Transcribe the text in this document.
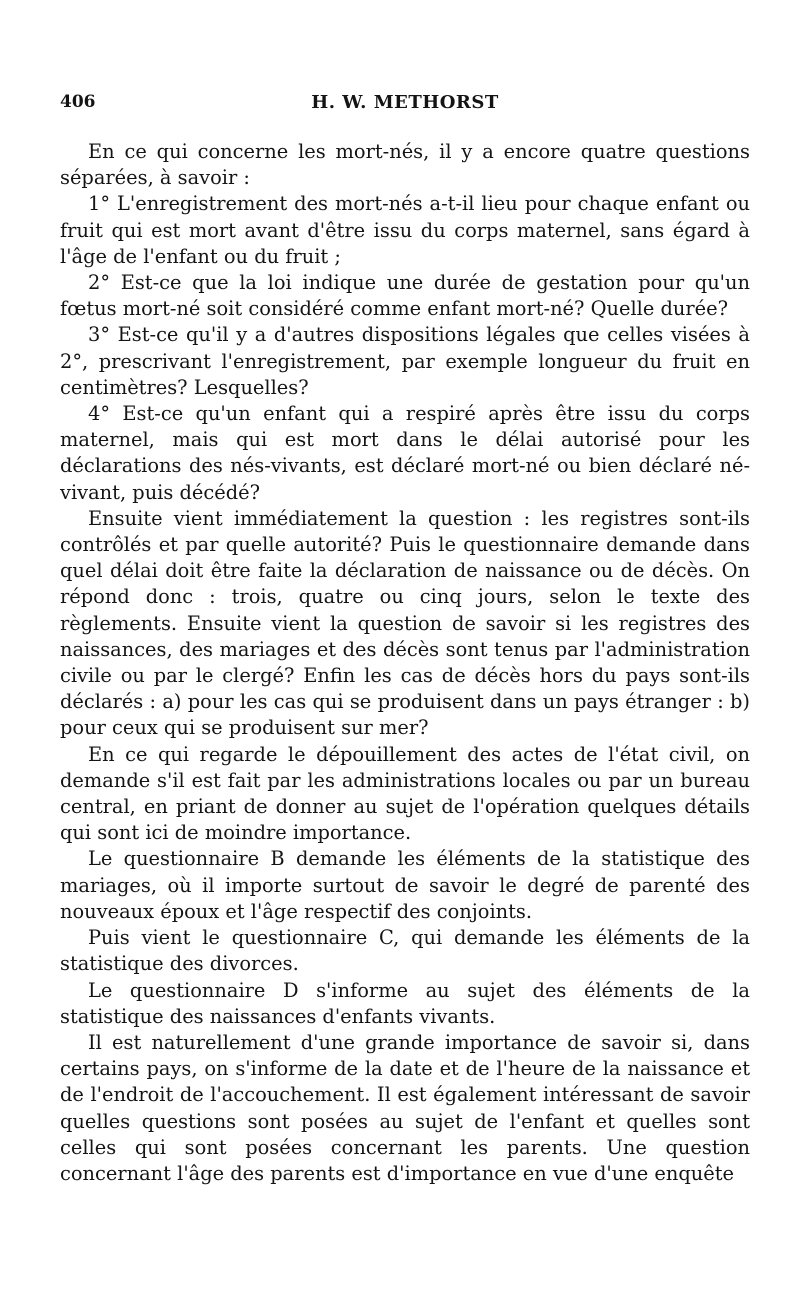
406	H. W. METHORST

En ce qui concerne les mort-nés, il y a encore quatre questions séparées, à savoir :

1° L'enregistrement des mort-nés a-t-il lieu pour chaque enfant ou fruit qui est mort avant d'être issu du corps maternel, sans égard à l'âge de l'enfant ou du fruit ;

2° Est-ce que la loi indique une durée de gestation pour qu'un fœtus mort-né soit considéré comme enfant mort-né? Quelle durée?

3° Est-ce qu'il y a d'autres dispositions légales que celles visées à 2°, prescrivant l'enregistrement, par exemple longueur du fruit en centimètres? Lesquelles?

4° Est-ce qu'un enfant qui a respiré après être issu du corps maternel, mais qui est mort dans le délai autorisé pour les déclarations des nés-vivants, est déclaré mort-né ou bien déclaré né-vivant, puis décédé?

Ensuite vient immédiatement la question : les registres sont-ils contrôlés et par quelle autorité? Puis le questionnaire demande dans quel délai doit être faite la déclaration de naissance ou de décès. On répond donc : trois, quatre ou cinq jours, selon le texte des règlements. Ensuite vient la question de savoir si les registres des naissances, des mariages et des décès sont tenus par l'administration civile ou par le clergé? Enfin les cas de décès hors du pays sont-ils déclarés : a) pour les cas qui se produisent dans un pays étranger : b) pour ceux qui se produisent sur mer?

En ce qui regarde le dépouillement des actes de l'état civil, on demande s'il est fait par les administrations locales ou par un bureau central, en priant de donner au sujet de l'opération quelques détails qui sont ici de moindre importance.

Le questionnaire B demande les éléments de la statistique des mariages, où il importe surtout de savoir le degré de parenté des nouveaux époux et l'âge respectif des conjoints.

Puis vient le questionnaire C, qui demande les éléments de la statistique des divorces.

Le questionnaire D s'informe au sujet des éléments de la statistique des naissances d'enfants vivants.

Il est naturellement d'une grande importance de savoir si, dans certains pays, on s'informe de la date et de l'heure de la naissance et de l'endroit de l'accouchement. Il est également intéressant de savoir quelles questions sont posées au sujet de l'enfant et quelles sont celles qui sont posées concernant les parents. Une question concernant l'âge des parents est d'importance en vue d'une enquête
